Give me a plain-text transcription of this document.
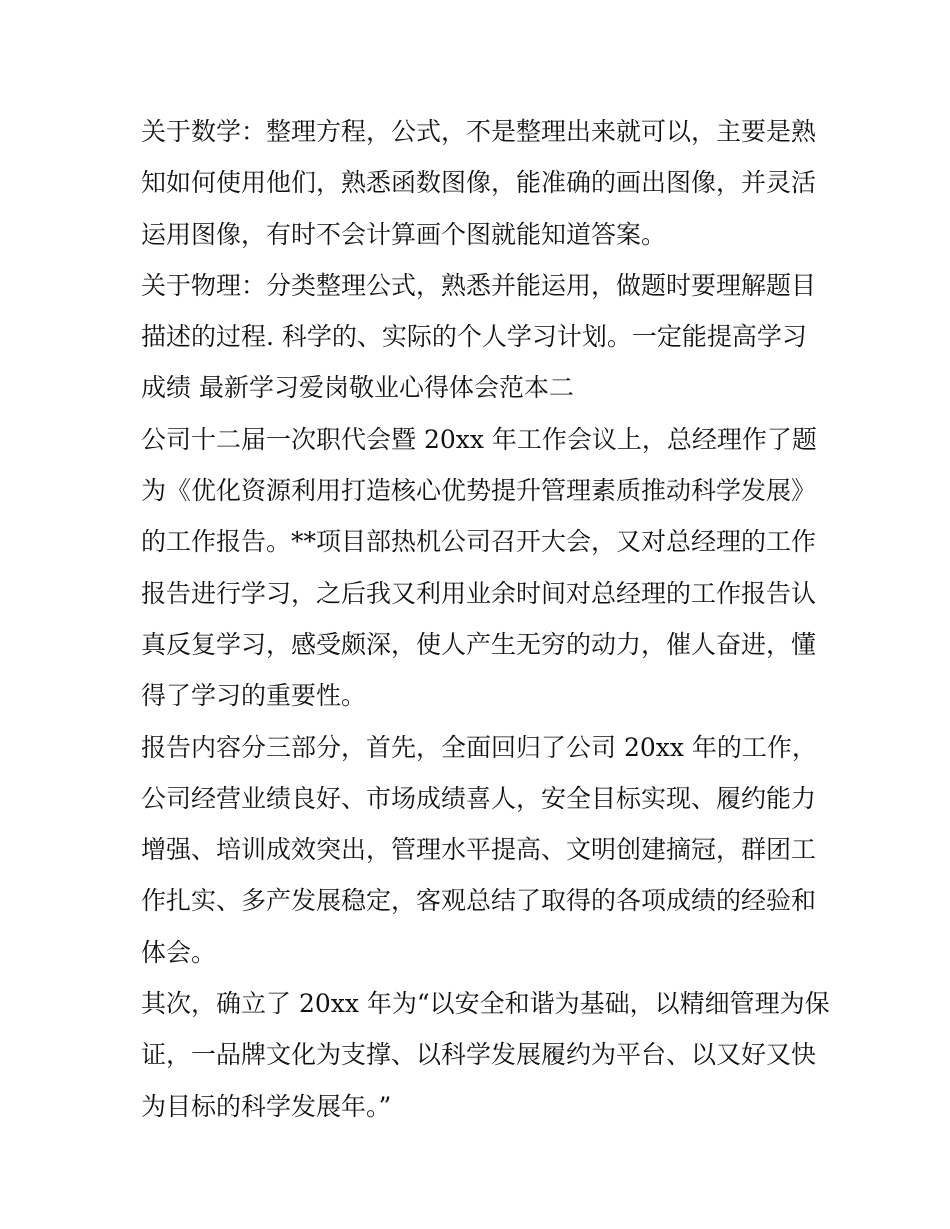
关于数学：整理方程，公式，不是整理出来就可以，主要是熟
知如何使用他们，熟悉函数图像，能准确的画出图像，并灵活
运用图像，有时不会计算画个图就能知道答案。
关于物理：分类整理公式，熟悉并能运用，做题时要理解题目
描述的过程. 科学的、实际的个人学习计划。一定能提高学习
成绩 最新学习爱岗敬业心得体会范本二
公司十二届一次职代会暨 20xx 年工作会议上，总经理作了题
为《优化资源利用打造核心优势提升管理素质推动科学发展》
的工作报告。**项目部热机公司召开大会，又对总经理的工作
报告进行学习，之后我又利用业余时间对总经理的工作报告认
真反复学习，感受颇深，使人产生无穷的动力，催人奋进，懂
得了学习的重要性。
报告内容分三部分，首先，全面回归了公司 20xx 年的工作，
公司经营业绩良好、市场成绩喜人，安全目标实现、履约能力
增强、培训成效突出，管理水平提高、文明创建摘冠，群团工
作扎实、多产发展稳定，客观总结了取得的各项成绩的经验和
体会。
其次，确立了 20xx 年为“以安全和谐为基础，以精细管理为保
证，一品牌文化为支撑、以科学发展履约为平台、以又好又快
为目标的科学发展年。”
